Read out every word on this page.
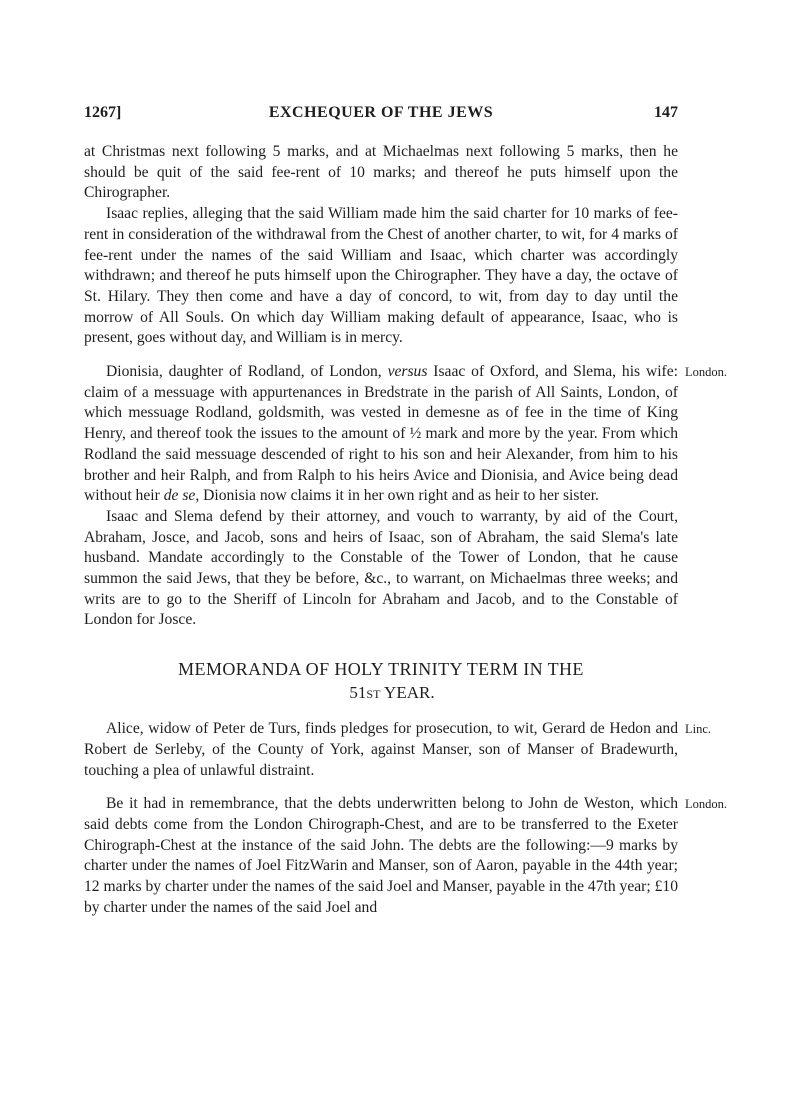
1267]	EXCHEQUER OF THE JEWS	147

at Christmas next following 5 marks, and at Michaelmas next following 5 marks, then he should be quit of the said fee-rent of 10 marks; and thereof he puts himself upon the Chirographer.

Isaac replies, alleging that the said William made him the said charter for 10 marks of fee-rent in consideration of the withdrawal from the Chest of another charter, to wit, for 4 marks of fee-rent under the names of the said William and Isaac, which charter was accordingly withdrawn; and thereof he puts himself upon the Chirographer. They have a day, the octave of St. Hilary. They then come and have a day of concord, to wit, from day to day until the morrow of All Souls. On which day William making default of appearance, Isaac, who is present, goes without day, and William is in mercy.

London.

Dionisia, daughter of Rodland, of London, versus Isaac of Oxford, and Slema, his wife: claim of a messuage with appurtenances in Bredstrate in the parish of All Saints, London, of which messuage Rodland, goldsmith, was vested in demesne as of fee in the time of King Henry, and thereof took the issues to the amount of ½ mark and more by the year. From which Rodland the said messuage descended of right to his son and heir Alexander, from him to his brother and heir Ralph, and from Ralph to his heirs Avice and Dionisia, and Avice being dead without heir de se, Dionisia now claims it in her own right and as heir to her sister.

Isaac and Slema defend by their attorney, and vouch to warranty, by aid of the Court, Abraham, Josce, and Jacob, sons and heirs of Isaac, son of Abraham, the said Slema's late husband. Mandate accordingly to the Constable of the Tower of London, that he cause summon the said Jews, that they be before, &c., to warrant, on Michaelmas three weeks; and writs are to go to the Sheriff of Lincoln for Abraham and Jacob, and to the Constable of London for Josce.

MEMORANDA OF HOLY TRINITY TERM IN THE

51ST YEAR.

Linc.

Alice, widow of Peter de Turs, finds pledges for prosecution, to wit, Gerard de Hedon and Robert de Serleby, of the County of York, against Manser, son of Manser of Bradewurth, touching a plea of unlawful distraint.

London.

Be it had in remembrance, that the debts underwritten belong to John de Weston, which said debts come from the London Chirograph-Chest, and are to be transferred to the Exeter Chirograph-Chest at the instance of the said John. The debts are the following:—9 marks by charter under the names of Joel FitzWarin and Manser, son of Aaron, payable in the 44th year; 12 marks by charter under the names of the said Joel and Manser, payable in the 47th year; £10 by charter under the names of the said Joel and
